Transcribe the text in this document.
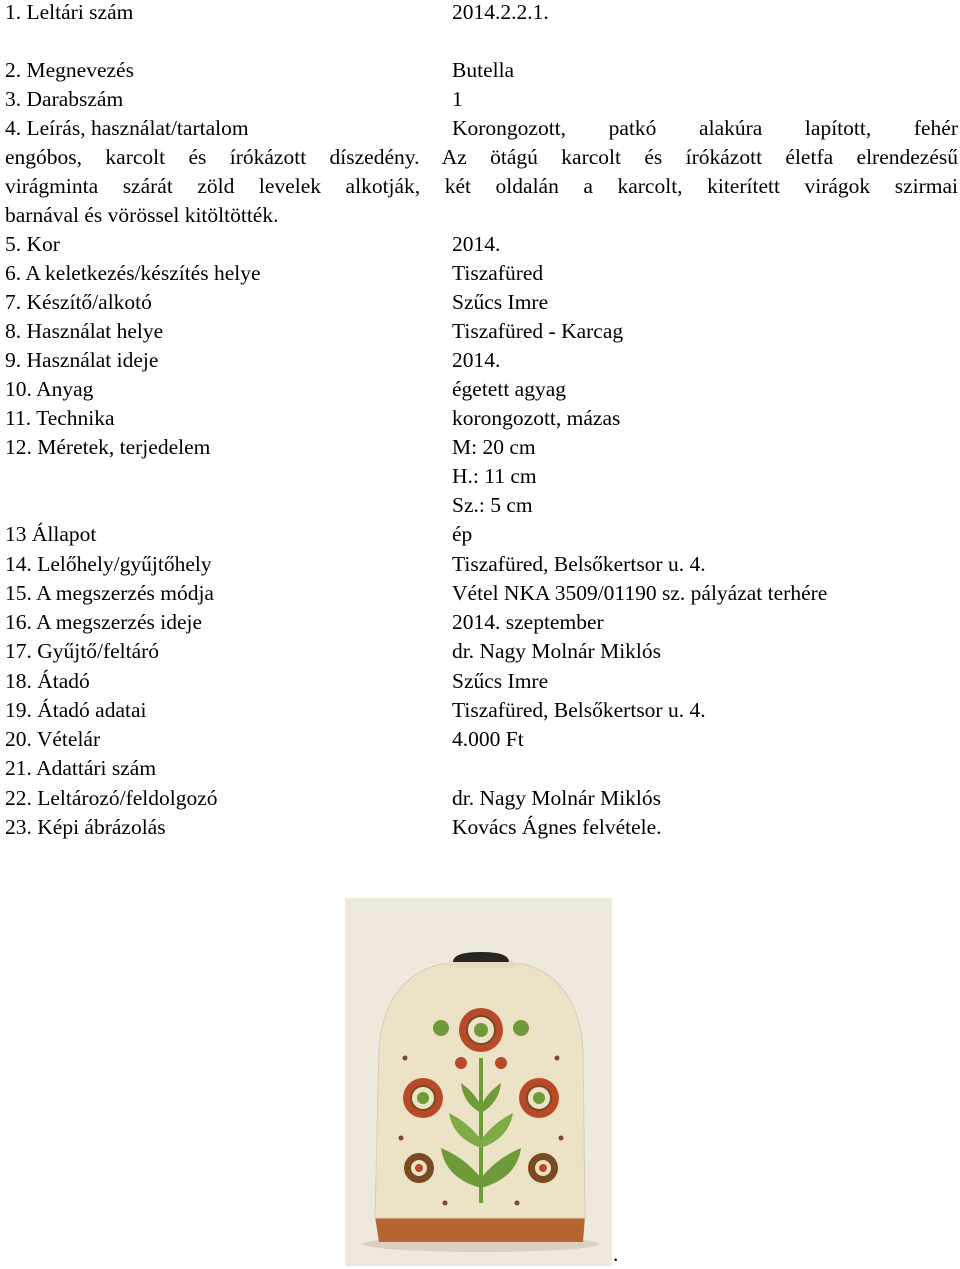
1. Leltári szám	2014.2.2.1.
2. Megnevezés	Butella
3. Darabszám	1
4. Leírás, használat/tartalom	Korongozott, patkó alakúra lapított, fehér
engóbos, karcolt és írókázott díszedény. Az ötágú karcolt és írókázott életfa elrendezésű
virágminta szárát zöld levelek alkotják, két oldalán a karcolt, kiterített virágok szirmai
barnával és vörössel kitöltötték.
5. Kor	2014.
6. A keletkezés/készítés helye	Tiszafüred
7. Készítő/alkotó	Szűcs Imre
8. Használat helye	Tiszafüred - Karcag
9. Használat ideje	2014.
10. Anyag	égetett agyag
11. Technika	korongozott, mázas
12. Méretek, terjedelem	M: 20 cm
H.: 11 cm
Sz.: 5 cm
13 Állapot	ép
14. Lelőhely/gyűjtőhely	Tiszafüred, Belsőkertsor u. 4.
15. A megszerzés módja	Vétel NKA 3509/01190 sz. pályázat terhére
16. A megszerzés ideje	2014. szeptember
17. Gyűjtő/feltáró	dr. Nagy Molnár Miklós
18. Átadó	Szűcs Imre
19. Átadó adatai	Tiszafüred, Belsőkertsor u. 4.
20. Vételár	4.000 Ft
21. Adattári szám
22. Leltározó/feldolgozó	dr. Nagy Molnár Miklós
23. Képi ábrázolás	Kovács Ágnes felvétele.
.
